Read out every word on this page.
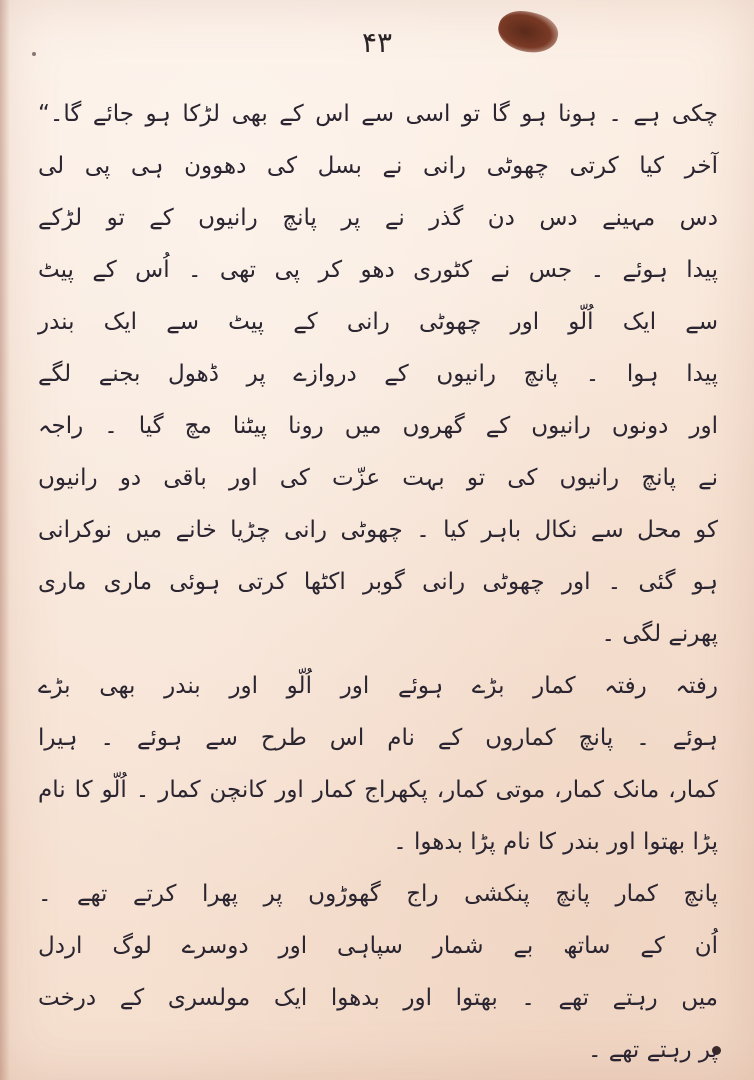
۴۳
چکی ہے ۔ ہونا ہو گا تو اسی سے اس کے بھی لڑکا ہو جائے گا۔“
آخر کیا کرتی چھوٹی رانی نے بسل کی دھوون ہی پی لی
دس مہینے دس دن گذر نے پر پانچ رانیوں کے تو لڑکے
پیدا ہوئے ۔ جس نے کٹوری دھو کر پی تھی ۔ اُس کے پیٹ
سے ایک اُلّو اور چھوٹی رانی کے پیٹ سے ایک بندر
پیدا ہوا ۔ پانچ رانیوں کے دروازے پر ڈھول بجنے لگے
اور دونوں رانیوں کے گھروں میں رونا پیٹنا مچ گیا ۔ راجہ
نے پانچ رانیوں کی تو بہت عزّت کی اور باقی دو رانیوں
کو محل سے نکال باہر کیا ۔ چھوٹی رانی چڑیا خانے میں نوکرانی
ہو گئی ۔ اور چھوٹی رانی گوبر اکٹھا کرتی ہوئی ماری ماری
پھرنے لگی ۔
رفتہ رفتہ کمار بڑے ہوئے اور اُلّو اور بندر بھی بڑے
ہوئے ۔ پانچ کماروں کے نام اس طرح سے ہوئے ۔ ہیرا
کمار، مانک کمار، موتی کمار، پکھراج کمار اور کانچن کمار ۔ اُلّو کا نام
پڑا بھتوا اور بندر کا نام پڑا بدھوا ۔
پانچ کمار پانچ پنکشی راج گھوڑوں پر پھرا کرتے تھے ۔
اُن کے ساتھ بے شمار سپاہی اور دوسرے لوگ اردل
میں رہتے تھے ۔ بھتوا اور بدھوا ایک مولسری کے درخت
پر رہتے تھے ۔
